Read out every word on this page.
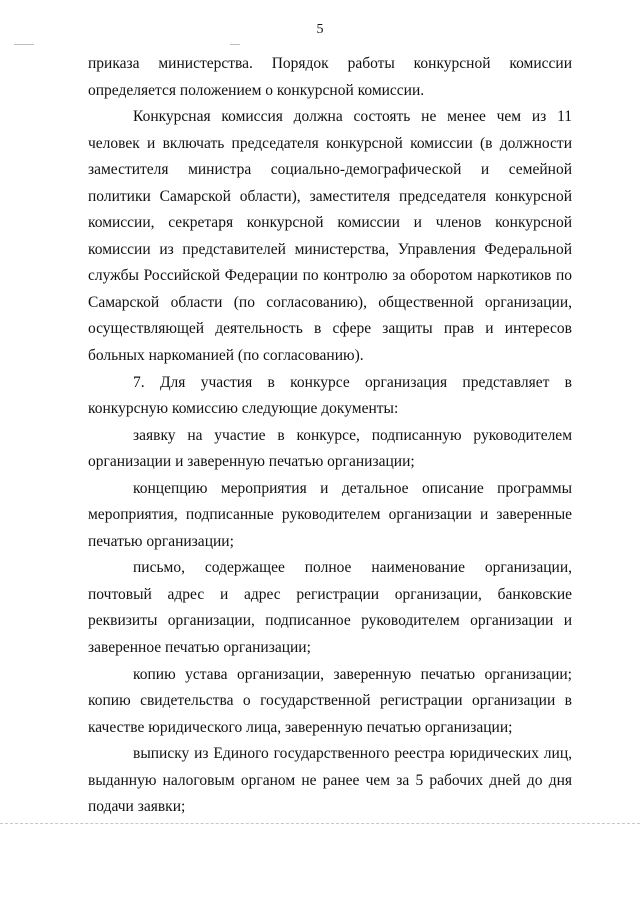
5

приказа министерства. Порядок работы конкурсной комиссии определяется положением о конкурсной комиссии.

Конкурсная комиссия должна состоять не менее чем из 11 человек и включать председателя конкурсной комиссии (в должности заместителя министра социально-демографической и семейной политики Самарской области), заместителя председателя конкурсной комиссии, секретаря конкурсной комиссии и членов конкурсной комиссии из представителей министерства, Управления Федеральной службы Российской Федерации по контролю за оборотом наркотиков по Самарской области (по согласованию), общественной организации, осуществляющей деятельность в сфере защиты прав и интересов больных наркоманией (по согласованию).

7. Для участия в конкурсе организация представляет в конкурсную комиссию следующие документы:

заявку на участие в конкурсе, подписанную руководителем организации и заверенную печатью организации;

концепцию мероприятия и детальное описание программы мероприятия, подписанные руководителем организации и заверенные печатью организации;

письмо, содержащее полное наименование организации, почтовый адрес и адрес регистрации организации, банковские реквизиты организации, подписанное руководителем организации и заверенное печатью организации;

копию устава организации, заверенную печатью организации; копию свидетельства о государственной регистрации организации в качестве юридического лица, заверенную печатью организации;

выписку из Единого государственного реестра юридических лиц, выданную налоговым органом не ранее чем за 5 рабочих дней до дня подачи заявки;
